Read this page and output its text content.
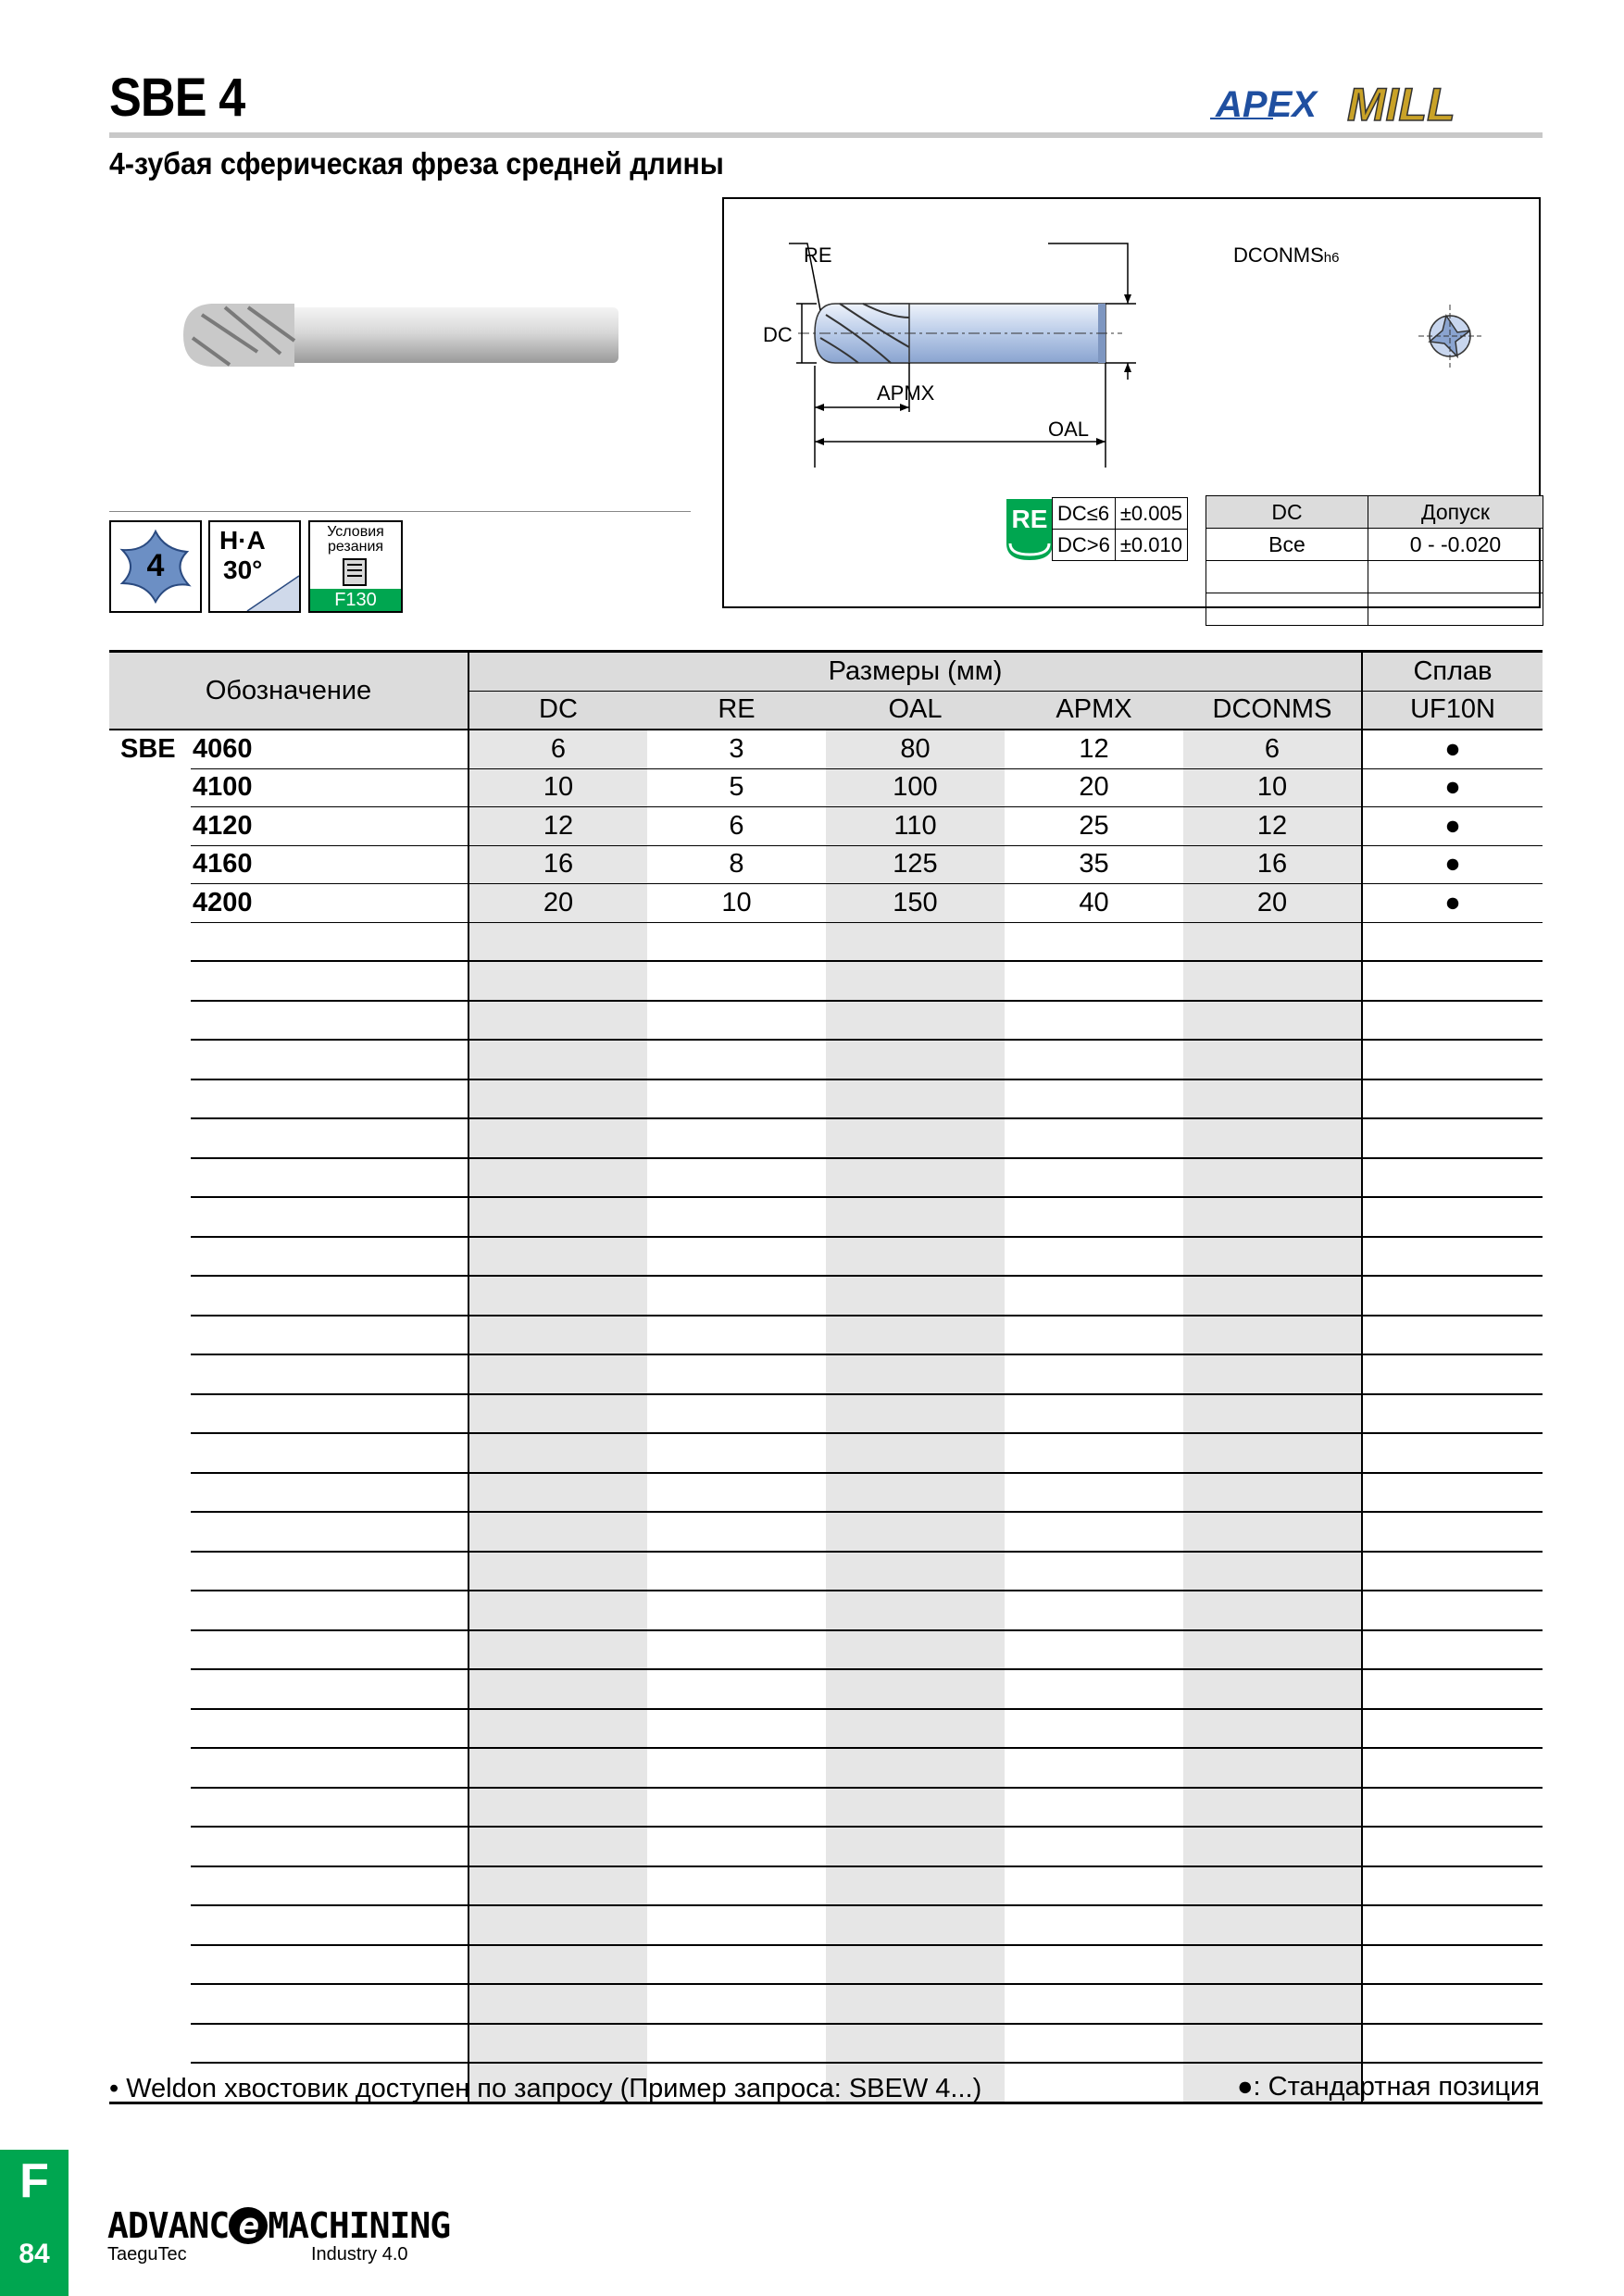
SBE 4
4-зубая сферическая фреза средней длины
APEX MILL
4
H·A
30°
Условия
резания
F130
RE	DCONMSh6
DC
APMX
OAL
RE DC≤6	±0.005
DC>6	±0.010
DC	Допуск
Все	0 - -0.020

Обозначение		Размеры (мм)					Сплав
		DC	RE	OAL	APMX	DCONMS	UF10N
SBE	4060	6	3	80	12	6	●
	4100	10	5	100	20	10	●
	4120	12	6	110	25	12	●
	4160	16	8	125	35	16	●
	4200	20	10	150	40	20	●

• Weldon хвостовик доступен по запросу (Пример запроса: SBEW 4...)	●: Стандартная позиция
F
84
ADVANC e MACHINING
TaeguTec	Industry 4.0
